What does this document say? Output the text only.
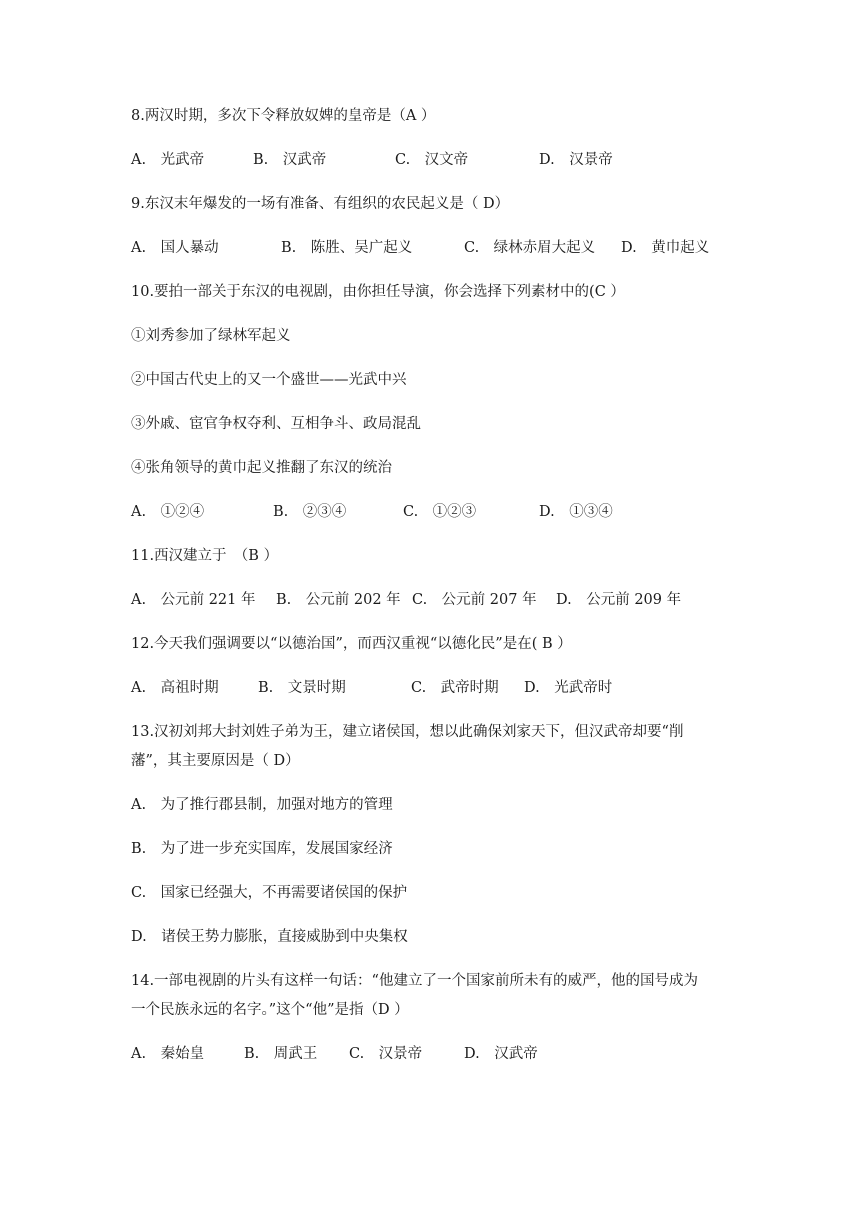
8.两汉时期，多次下令释放奴婢的皇帝是（A ）

A.　光武帝

	B.　汉武帝

	C.　汉文帝

	D.　汉景帝

9.东汉末年爆发的一场有准备、有组织的农民起义是（ D）

A.　国人暴动

	B.　陈胜、吴广起义

	C.　绿林赤眉大起义

D.　黄巾起义

10.要拍一部关于东汉的电视剧，由你担任导演，你会选择下列素材中的(C ）
①刘秀参加了绿林军起义
②中国古代史上的又一个盛世——光武中兴
③外戚、宦官争权夺利、互相争斗、政局混乱
④张角领导的黄巾起义推翻了东汉的统治

A.　①②④

	B.　②③④

	C.　①②③

	D.　①③④

11.西汉建立于　（B ）

A.　公元前 221 年

B.　公元前 202 年

C.　公元前 207 年

D.　公元前 209 年

12.今天我们强调要以“以德治国”，而西汉重视“以德化民”是在( B ）

A.　高祖时期

	B.　文景时期

	C.　武帝时期

D.　光武帝时

13.汉初刘邦大封刘姓子弟为王，建立诸侯国，想以此确保刘家天下，但汉武帝却要“削
藩”，其主要原因是（ D）
A.　为了推行郡县制，加强对地方的管理
B.　为了进一步充实国库，发展国家经济
C.　国家已经强大，不再需要诸侯国的保护
D.　诸侯王势力膨胀，直接威胁到中央集权
14.一部电视剧的片头有这样一句话：“他建立了一个国家前所未有的威严，他的国号成为
一个民族永远的名字。”这个“他”是指（D ）

A.　秦始皇

	B.　周武王

C.　汉景帝

	D.　汉武帝
